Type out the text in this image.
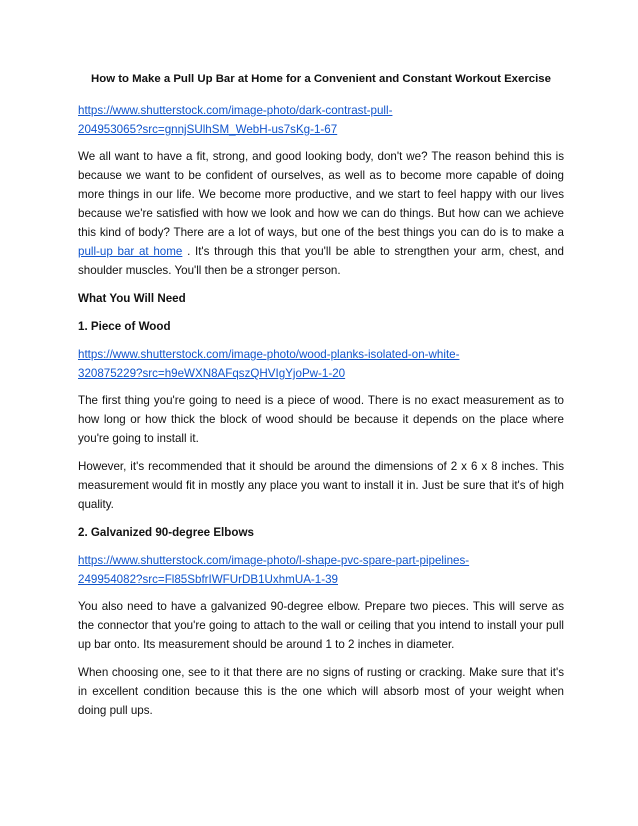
How to Make a Pull Up Bar at Home for a Convenient and Constant Workout Exercise
https://www.shutterstock.com/image-photo/dark-contrast-pull-
204953065?src=gnnjSUlhSM_WebH-us7sKg-1-67

We all want to have a fit, strong, and good looking body, don't we? The reason behind this is because we want to be confident of ourselves, as well as to become more capable of doing more things in our life. We become more productive, and we start to feel happy with our lives because we're satisfied with how we look and how we can do things. But how can we achieve this kind of body? There are a lot of ways, but one of the best things you can do is to make a pull-up bar at home . It's through this that you'll be able to strengthen your arm, chest, and shoulder muscles. You'll then be a stronger person.

What You Will Need
1. Piece of Wood
https://www.shutterstock.com/image-photo/wood-planks-isolated-on-white-
320875229?src=h9eWXN8AFqszQHVIgYjoPw-1-20

The first thing you're going to need is a piece of wood. There is no exact measurement as to how long or how thick the block of wood should be because it depends on the place where you're going to install it.

However, it's recommended that it should be around the dimensions of 2 x 6 x 8 inches. This measurement would fit in mostly any place you want to install it in. Just be sure that it's of high quality.

2. Galvanized 90-degree Elbows
https://www.shutterstock.com/image-photo/l-shape-pvc-spare-part-pipelines-
249954082?src=Fl85SbfrIWFUrDB1UxhmUA-1-39

You also need to have a galvanized 90-degree elbow. Prepare two pieces. This will serve as the connector that you're going to attach to the wall or ceiling that you intend to install your pull up bar onto. Its measurement should be around 1 to 2 inches in diameter.

When choosing one, see to it that there are no signs of rusting or cracking. Make sure that it's in excellent condition because this is the one which will absorb most of your weight when doing pull ups.
